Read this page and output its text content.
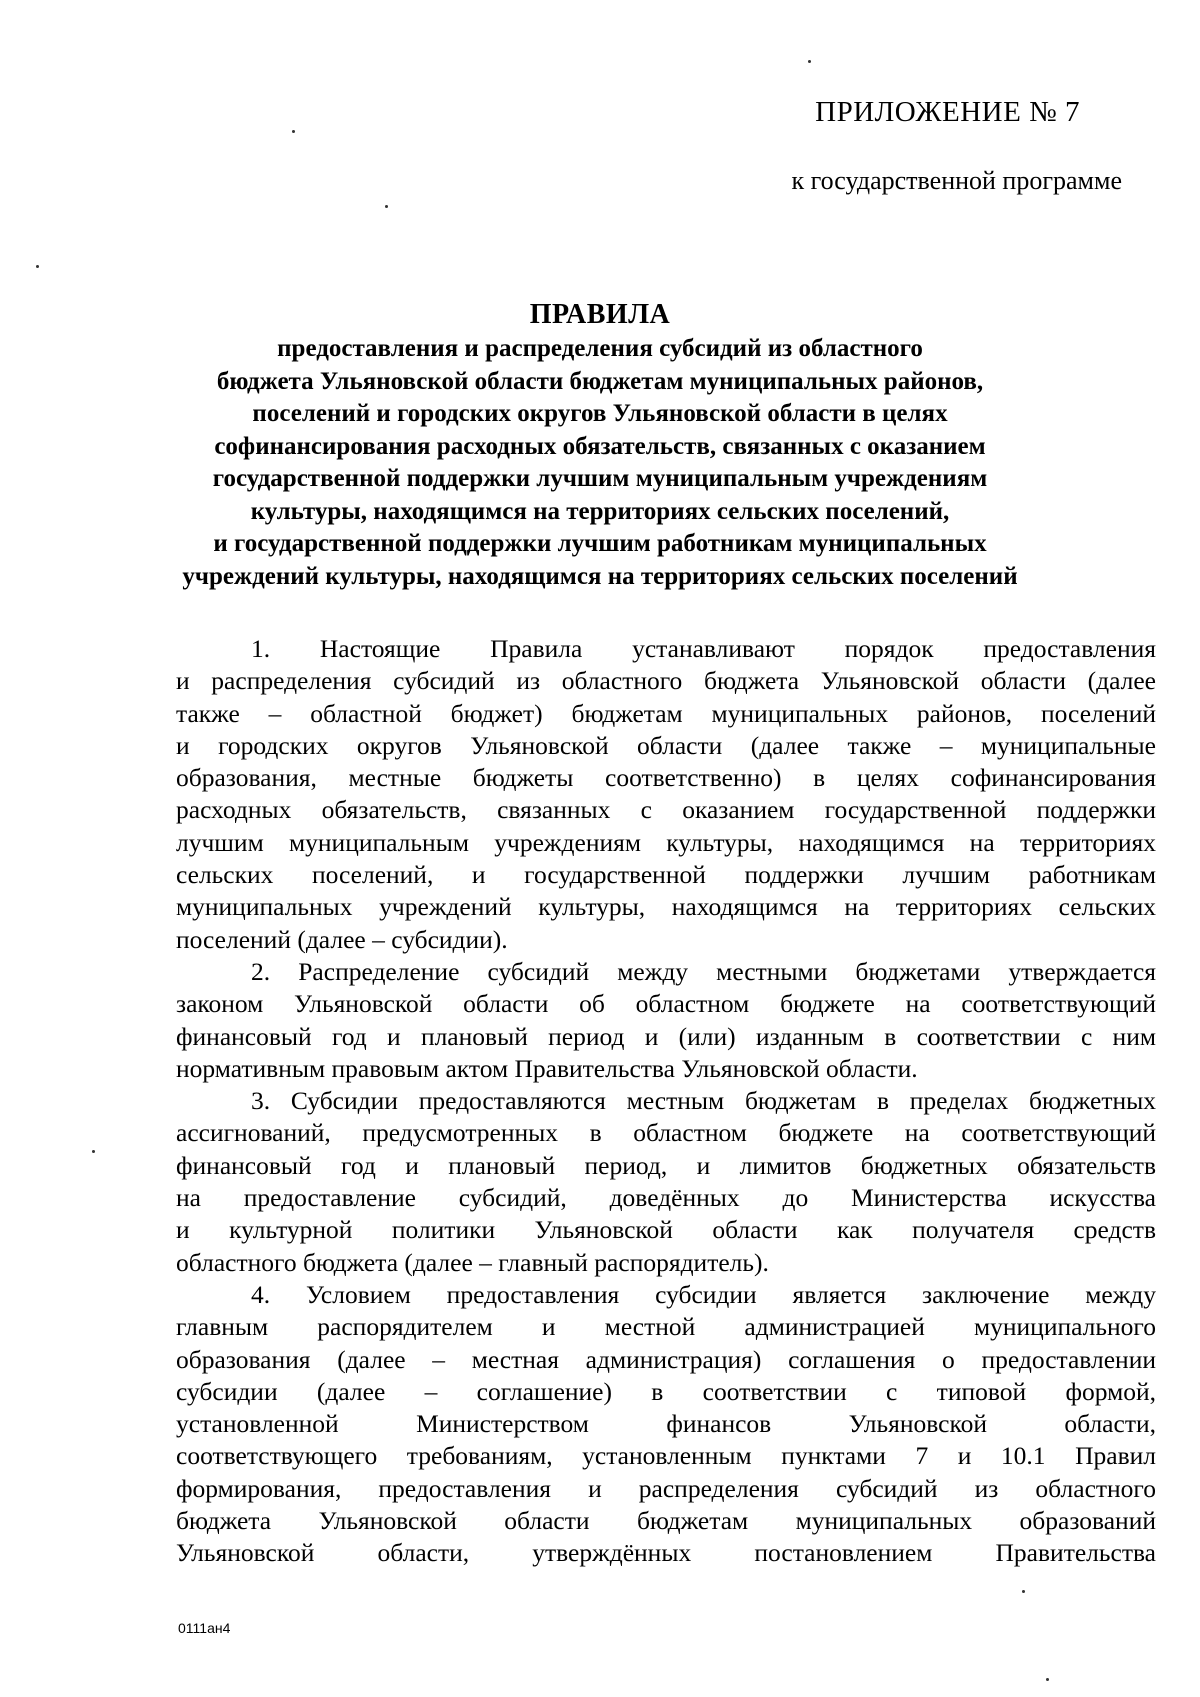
ПРИЛОЖЕНИЕ № 7
к государственной программе
ПРАВИЛА
предоставления и распределения субсидий из областного
бюджета Ульяновской области бюджетам муниципальных районов,
поселений и городских округов Ульяновской области в целях
софинансирования расходных обязательств, связанных с оказанием
государственной поддержки лучшим муниципальным учреждениям
культуры, находящимся на территориях сельских поселений,
и государственной поддержки лучшим работникам муниципальных
учреждений культуры, находящимся на территориях сельских поселений
1. Настоящие Правила устанавливают порядок предоставления
и распределения субсидий из областного бюджета Ульяновской области (далее
также – областной бюджет) бюджетам муниципальных районов, поселений
и городских округов Ульяновской области (далее также – муниципальные
образования, местные бюджеты соответственно) в целях софинансирования
расходных обязательств, связанных с оказанием государственной поддержки
лучшим муниципальным учреждениям культуры, находящимся на территориях
сельских поселений, и государственной поддержки лучшим работникам
муниципальных учреждений культуры, находящимся на территориях сельских
поселений (далее – субсидии).
2. Распределение субсидий между местными бюджетами утверждается
законом Ульяновской области об областном бюджете на соответствующий
финансовый год и плановый период и (или) изданным в соответствии с ним
нормативным правовым актом Правительства Ульяновской области.
3. Субсидии предоставляются местным бюджетам в пределах бюджетных
ассигнований, предусмотренных в областном бюджете на соответствующий
финансовый год и плановый период, и лимитов бюджетных обязательств
на предоставление субсидий, доведённых до Министерства искусства
и культурной политики Ульяновской области как получателя средств
областного бюджета (далее – главный распорядитель).
4. Условием предоставления субсидии является заключение между
главным распорядителем и местной администрацией муниципального
образования (далее – местная администрация) соглашения о предоставлении
субсидии (далее – соглашение) в соответствии с типовой формой,
установленной Министерством финансов Ульяновской области,
соответствующего требованиям, установленным пунктами 7 и 10.1 Правил
формирования, предоставления и распределения субсидий из областного
бюджета Ульяновской области бюджетам муниципальных образований
Ульяновской области, утверждённых постановлением Правительства
0111ан4
